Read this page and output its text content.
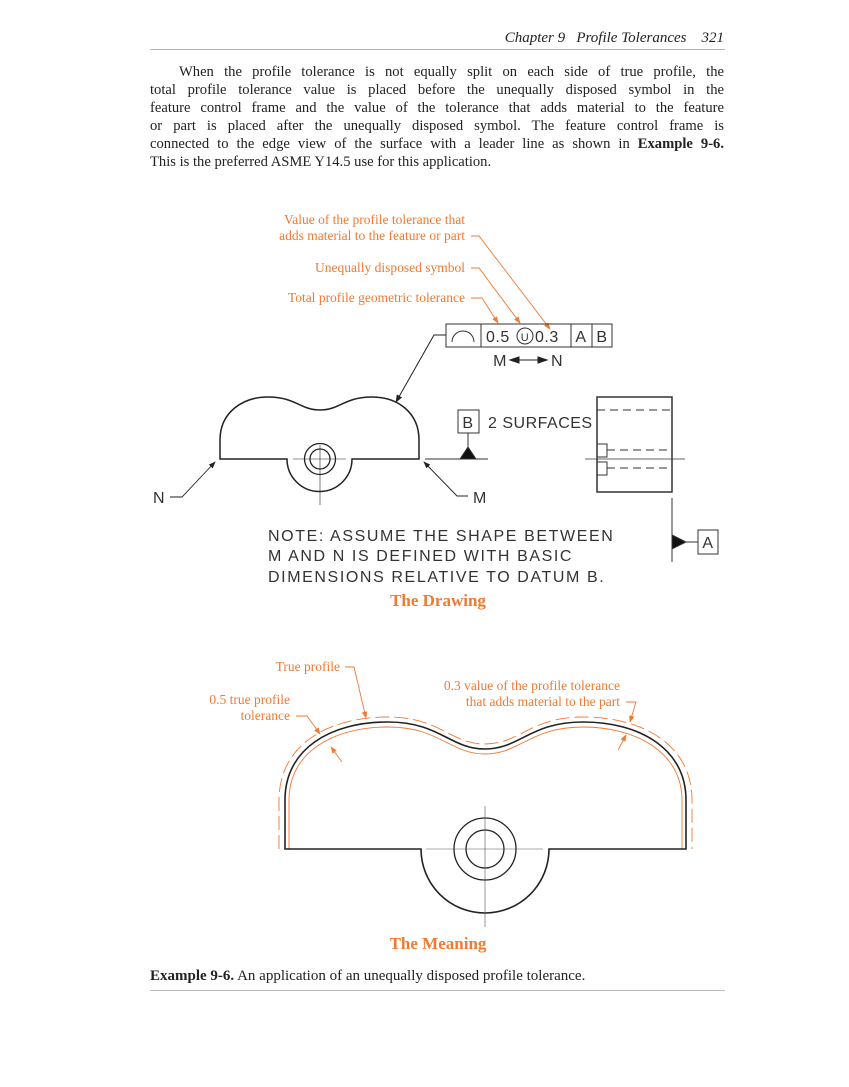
Chapter 9 Profile Tolerances 321
When the profile tolerance is not equally split on each side of true profile, the
total profile tolerance value is placed before the unequally disposed symbol in the
feature control frame and the value of the tolerance that adds material to the feature
or part is placed after the unequally disposed symbol. The feature control frame is
connected to the edge view of the surface with a leader line as shown in Example 9-6.
This is the preferred ASME Y14.5 use for this application.
Value of the profile tolerance that
adds material to the feature or part
Unequally disposed symbol
Total profile geometric tolerance
0.5 U 0.3 A B
M	N
N	M
B 2 SURFACES
A
NOTE: ASSUME THE SHAPE BETWEEN
M AND N IS DEFINED WITH BASIC
DIMENSIONS RELATIVE TO DATUM B.
The Drawing
True profile
0.5 true profile
tolerance
0.3 value of the profile tolerance
that adds material to the part
The Meaning
Example 9-6. An application of an unequally disposed profile tolerance.
